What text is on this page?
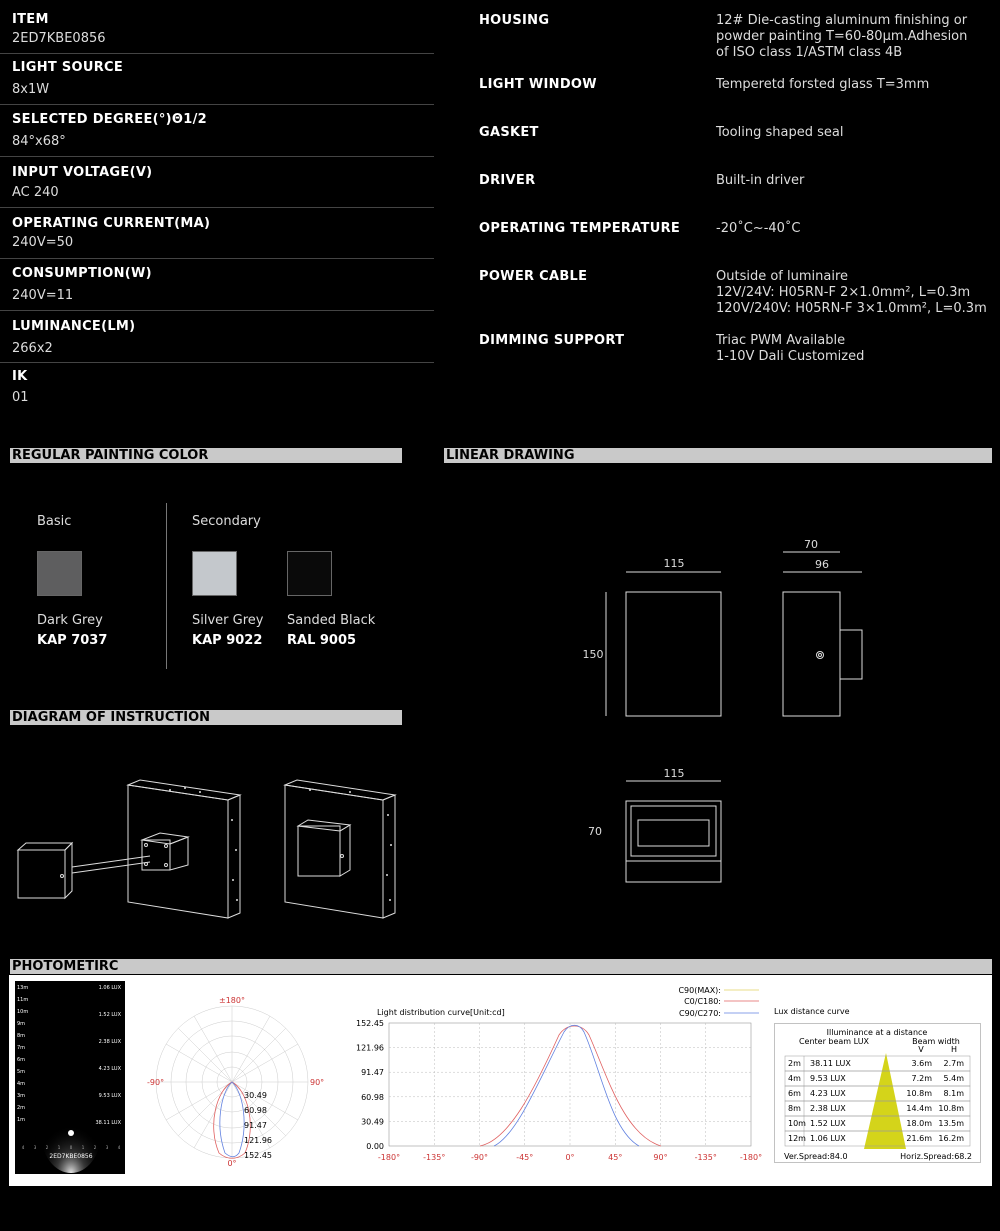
ITEM
2ED7KBE0856
LIGHT SOURCE
8x1W
SELECTED DEGREE(°)Θ1/2
84°x68°
INPUT VOLTAGE(V)
AC 240
OPERATING CURRENT(MA)
240V=50
CONSUMPTION(W)
240V=11
LUMINANCE(LM)
266x2
IK
01
HOUSING	12# Die-casting aluminum finishing or
powder painting T=60-80μm.Adhesion
of ISO class 1/ASTM class 4B
LIGHT WINDOW	Temperetd forsted glass T=3mm
GASKET	Tooling shaped seal
DRIVER	Built-in driver
OPERATING TEMPERATURE	-20˚C~-40˚C
POWER CABLE	Outside of luminaire
12V/24V: H05RN-F 2×1.0mm², L=0.3m
120V/240V: H05RN-F 3×1.0mm², L=0.3m
DIMMING SUPPORT	Triac PWM Available
1-10V Dali Customized
REGULAR PAINTING COLOR	LINEAR DRAWING
DIAGRAM OF INSTRUCTION
PHOTOMETIRC
Basic	Secondary
Dark Grey
KAP 7037
Silver Grey
KAP 9022
Sanded Black
RAL 9005
115
150
70
96
115
70
13m
11m
10m
9m
8m
7m
6m
5m
4m
3m
2m
1m
1.06 LUX
1.52 LUX
2.38 LUX
4.23 LUX
9.53 LUX
38.11 LUX
4 3 2 1 0 1 2 3 4
2ED7KBE0856
±180°
-90°	90°
0°
30.49
60.98
91.47
121.96
152.45
Light distribution curve[Unit:cd]
C90(MAX):
C0/C180:
C90/C270:
152.45
121.96
91.47
60.98
30.49
0.00
-180°	-135°	-90°	-45°	0°	45°	90°	-135°	-180°
Lux distance curve
Illuminance at a distance
Center beam LUX	Beam width
V	H
2m 38.11 LUX	3.6m 2.7m
4m 9.53 LUX	7.2m 5.4m
6m 4.23 LUX	10.8m 8.1m
8m 2.38 LUX	14.4m 10.8m
10m 1.52 LUX	18.0m 13.5m
12m 1.06 LUX	21.6m 16.2m
Ver.Spread:84.0	Horiz.Spread:68.2
